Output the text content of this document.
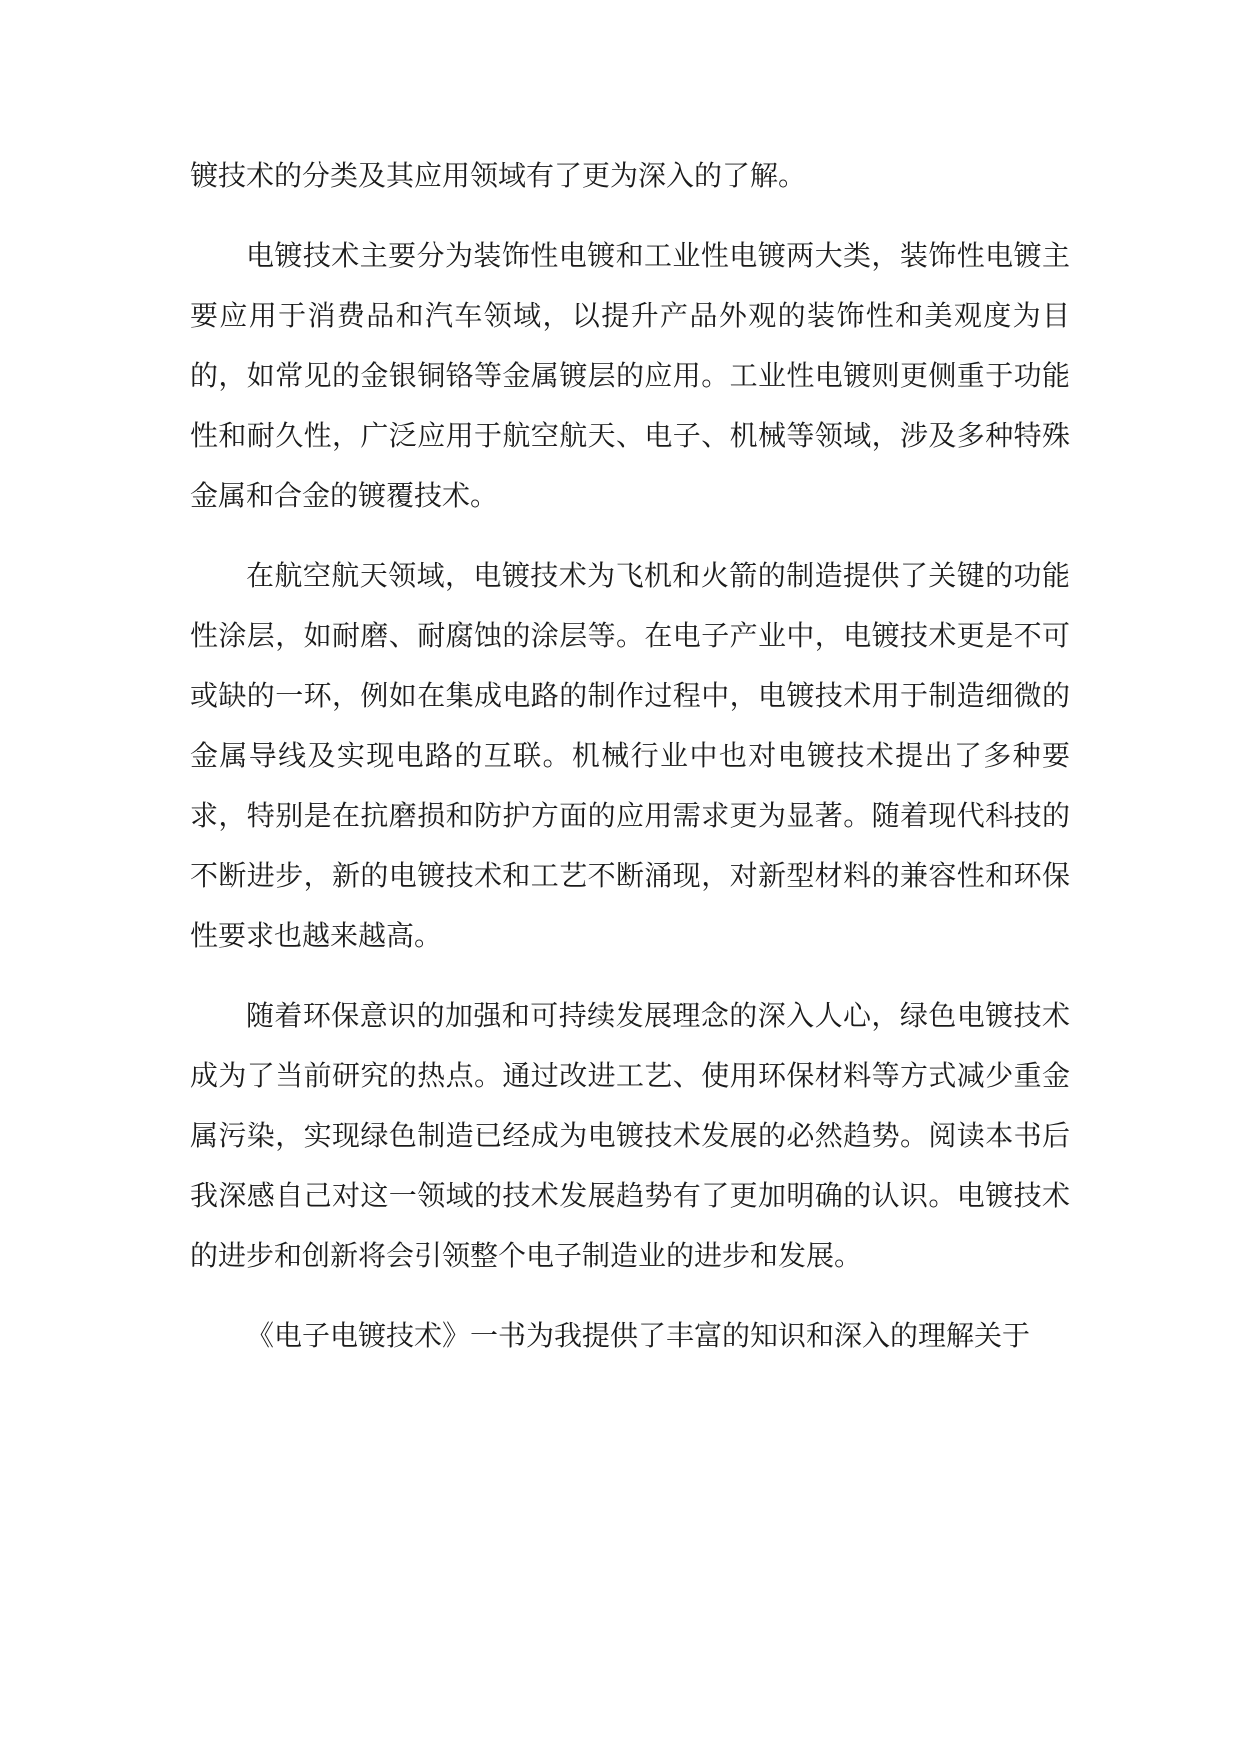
镀技术的分类及其应用领域有了更为深入的了解。

电镀技术主要分为装饰性电镀和工业性电镀两大类，装饰性电镀主要应用于消费品和汽车领域，以提升产品外观的装饰性和美观度为目的，如常见的金银铜铬等金属镀层的应用。工业性电镀则更侧重于功能性和耐久性，广泛应用于航空航天、电子、机械等领域，涉及多种特殊金属和合金的镀覆技术。

在航空航天领域，电镀技术为飞机和火箭的制造提供了关键的功能性涂层，如耐磨、耐腐蚀的涂层等。在电子产业中，电镀技术更是不可或缺的一环，例如在集成电路的制作过程中，电镀技术用于制造细微的金属导线及实现电路的互联。机械行业中也对电镀技术提出了多种要求，特别是在抗磨损和防护方面的应用需求更为显著。随着现代科技的不断进步，新的电镀技术和工艺不断涌现，对新型材料的兼容性和环保性要求也越来越高。

随着环保意识的加强和可持续发展理念的深入人心，绿色电镀技术成为了当前研究的热点。通过改进工艺、使用环保材料等方式减少重金属污染，实现绿色制造已经成为电镀技术发展的必然趋势。阅读本书后我深感自己对这一领域的技术发展趋势有了更加明确的认识。电镀技术的进步和创新将会引领整个电子制造业的进步和发展。

《电子电镀技术》一书为我提供了丰富的知识和深入的理解关于
